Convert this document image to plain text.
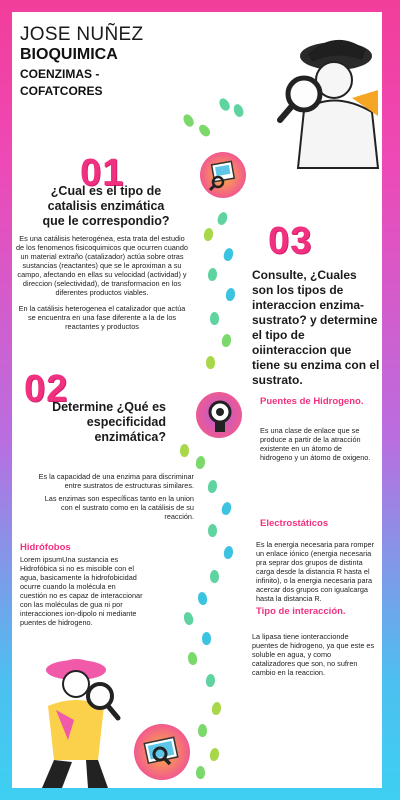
JOSE NUÑEZ
BIOQUIMICA
COENZIMAS - COFATCORES
01
¿Cual es el tipo de catalisis enzimática que le correspondio?
Es una catálisis heterogénea, esta trata del estudio de los fenomenos fisicoquimicos que ocurren cuando un material extraño (catalizador) actúa sobre otras sustancias (reactantes) que se le aproximan a su campo, afectando en ellas su velocidad (actividad) y direccion (selectividad), de transformacion en los diferentes productos viables.
En la catálisis heterogenea el catalizador que actúa se encuentra en una fase diferente a la de los reactantes y productos
03
Consulte, ¿Cuales son los tipos de interaccion enzima-sustrato? y determine el tipo de oiinteraccion que tiene su enzima con el sustrato.
02
Determine ¿Qué es especificidad enzimática?
Puentes de Hidrogeno.
Es una clase de enlace que se produce a partir de la atracción existente en un átomo de hidrogeno y un átomo de oxigeno.
Es la capacidad de una enzima para discriminar entre sustratos de estructuras similares.
Las enzimas son específicas tanto en la union con el sustrato como en la catálisis de su reacción.
Electrostáticos
Es la energia necesaria para romper un enlace iónico (energia necesaria pra seprar dos grupos de distinta carga desde la distancia R hasta el infinito), o la energia necesaria para acercar dos grupos con igualcarga hasta la distancia R.
Hidrófobos
Lorem ipsumUna sustancia es Hidrofóbica si no es miscible con el agua, basicamente la hidrofobicidad ocurre cuando la molécula en cuestión no es capaz de interaccionar con las moléculas de gua ni por interacciones ion-dipolo ni mediante puentes de hidrogeno.
Tipo de interacción.
La lipasa tiene ionteraccionde puentes de hidrogeno, ya que este es soluble en agua, y como catalizadores que son, no sufren cambio en la reaccion.
